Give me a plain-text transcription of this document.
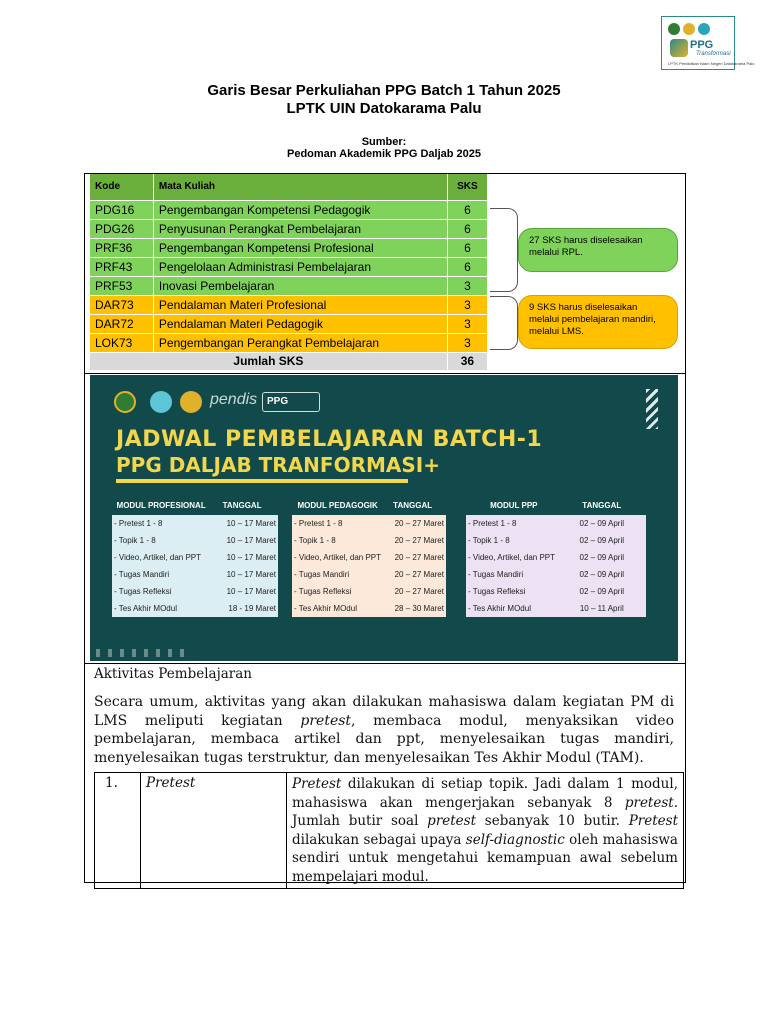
PPG
Transformasi
LPTK Pendidikan Islam Negeri Datokarama Palu
Garis Besar Perkuliahan PPG Batch 1 Tahun 2025
LPTK UIN Datokarama Palu
Sumber:
Pedoman Akademik PPG Daljab 2025
Kode	Mata Kuliah	SKS
PDG16	Pengembangan Kompetensi Pedagogik	6
PDG26	Penyusunan Perangkat Pembelajaran	6
PRF36	Pengembangan Kompetensi Profesional	6
PRF43	Pengelolaan Administrasi Pembelajaran	6
PRF53	Inovasi Pembelajaran	3
DAR73	Pendalaman Materi Profesional	3
DAR72	Pendalaman Materi Pedagogik	3
LOK73	Pengembangan Perangkat Pembelajaran	3
Jumlah SKS		36
27 SKS harus diselesaikan melalui RPL.
9 SKS harus diselesaikan melalui pembelajaran mandiri, melalui LMS.
pendis PPG
JADWAL PEMBELAJARAN BATCH-1
PPG DALJAB TRANFORMASI+
MODUL PROFESIONAL	TANGGAL
- Pretest 1 - 8	10 – 17 Maret
- Topik 1 - 8	10 – 17 Maret
- Video, Artikel, dan PPT	10 – 17 Maret
- Tugas Mandiri	10 – 17 Maret
- Tugas Refleksi	10 – 17 Maret
- Tes Akhir MOdul	18 - 19 Maret
MODUL PEDAGOGIK	TANGGAL
- Pretest 1 - 8	20 – 27 Maret
- Topik 1 - 8	20 – 27 Maret
- Video, Artikel, dan PPT	20 – 27 Maret
- Tugas Mandiri	20 – 27 Maret
- Tugas Refleksi	20 – 27 Maret
- Tes Akhir MOdul	28 – 30 Maret
MODUL PPP	TANGGAL
- Pretest 1 - 8	02 – 09 April
- Topik 1 - 8	02 – 09 April
- Video, Artikel, dan PPT	02 – 09 April
- Tugas Mandiri	02 – 09 April
- Tugas Refleksi	02 – 09 April
- Tes Akhir MOdul	10 – 11 April
Aktivitas Pembelajaran
Secara umum, aktivitas yang akan dilakukan mahasiswa dalam kegiatan PM di LMS meliputi kegiatan pretest, membaca modul, menyaksikan video pembelajaran, membaca artikel dan ppt, menyelesaikan tugas mandiri, menyelesaikan tugas terstruktur, dan menyelesaikan Tes Akhir Modul (TAM).
1.	Pretest	Pretest dilakukan di setiap topik. Jadi dalam 1 modul, mahasiswa akan mengerjakan sebanyak 8 pretest. Jumlah butir soal pretest sebanyak 10 butir. Pretest dilakukan sebagai upaya self-diagnostic oleh mahasiswa sendiri untuk mengetahui kemampuan awal sebelum mempelajari modul.
